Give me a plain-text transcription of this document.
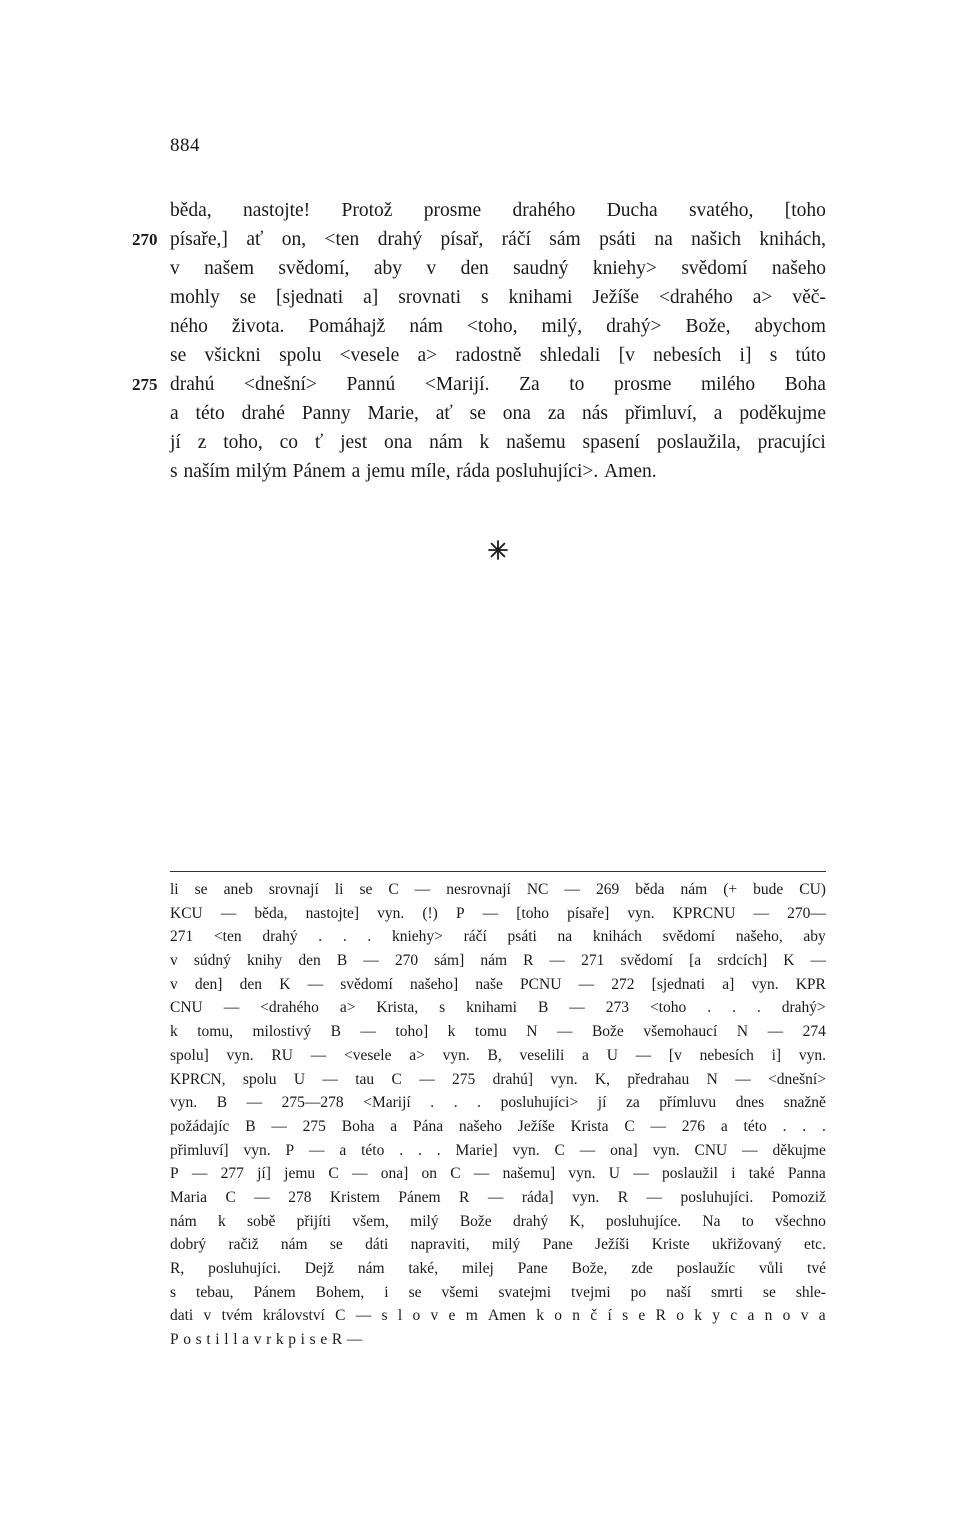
884
běda, nastojte! Protož prosme drahého Ducha svatého, [toho
270 písaře,] ať on, <ten drahý písař, ráčí sám psáti na našich knihách,
v našem svědomí, aby v den saudný kniehy> svědomí našeho
mohly se [sjednati a] srovnati s knihami Ježíše <drahého a> věč-
ného života. Pomáhajž nám <toho, milý, drahý> Bože, abychom
se všickni spolu <vesele a> radostně shledali [v nebesích i] s túto
275 drahú <dnešní> Pannú <Marijí. Za to prosme milého Boha
a této drahé Panny Marie, ať se ona za nás přimluví, a poděkujme
jí z toho, co ť jest ona nám k našemu spasení poslaužila, pracujíci
s naším milým Pánem a jemu míle, ráda posluhujíci>. Amen.
li se aneb srovnají li se C — nesrovnají NC — 269 běda nám (+ bude CU)
KCU — běda, nastojte] vyn. (!) P — [toho písaře] vyn. KPRCNU — 270—
271 <ten drahý . . . kniehy> ráčí psáti na knihách svědomí našeho, aby
v súdný knihy den B — 270 sám] nám R — 271 svědomí [a srdcích] K —
v den] den K — svědomí našeho] naše PCNU — 272 [sjednati a] vyn. KPR
CNU — <drahého a> Krista, s knihami B — 273 <toho . . . drahý>
k tomu, milostivý B — toho] k tomu N — Bože všemohaucí N — 274
spolu] vyn. RU — <vesele a> vyn. B, veselili a U — [v nebesích i] vyn.
KPRCN, spolu U — tau C — 275 drahú] vyn. K, předrahau N — <dnešní>
vyn. B — 275—278 <Marijí . . . posluhujíci> jí za přímluvu dnes snažně
požádajíc B — 275 Boha a Pána našeho Ježíše Krista C — 276 a této . . .
přimluví] vyn. P — a této . . . Marie] vyn. C — ona] vyn. CNU — děkujme
P — 277 jí] jemu C — ona] on C — našemu] vyn. U — poslaužil i také Panna
Maria C — 278 Kristem Pánem R — ráda] vyn. R — posluhujíci. Pomoziž
nám k sobě přijíti všem, milý Bože drahý K, posluhujíce. Na to všechno
dobrý račiž nám se dáti napraviti, milý Pane Ježíši Kriste ukřižovaný etc.
R, posluhujíci. Dejž nám také, milej Pane Bože, zde poslaužíc vůli tvé
s tebau, Pánem Bohem, i se všemi svatejmi tvejmi po naší smrti se shle-
dati v tvém království C — s l o v e m Amen k o n č í s e R o k y c a n o v a
P o s t i l l a v r k p i s e R —
